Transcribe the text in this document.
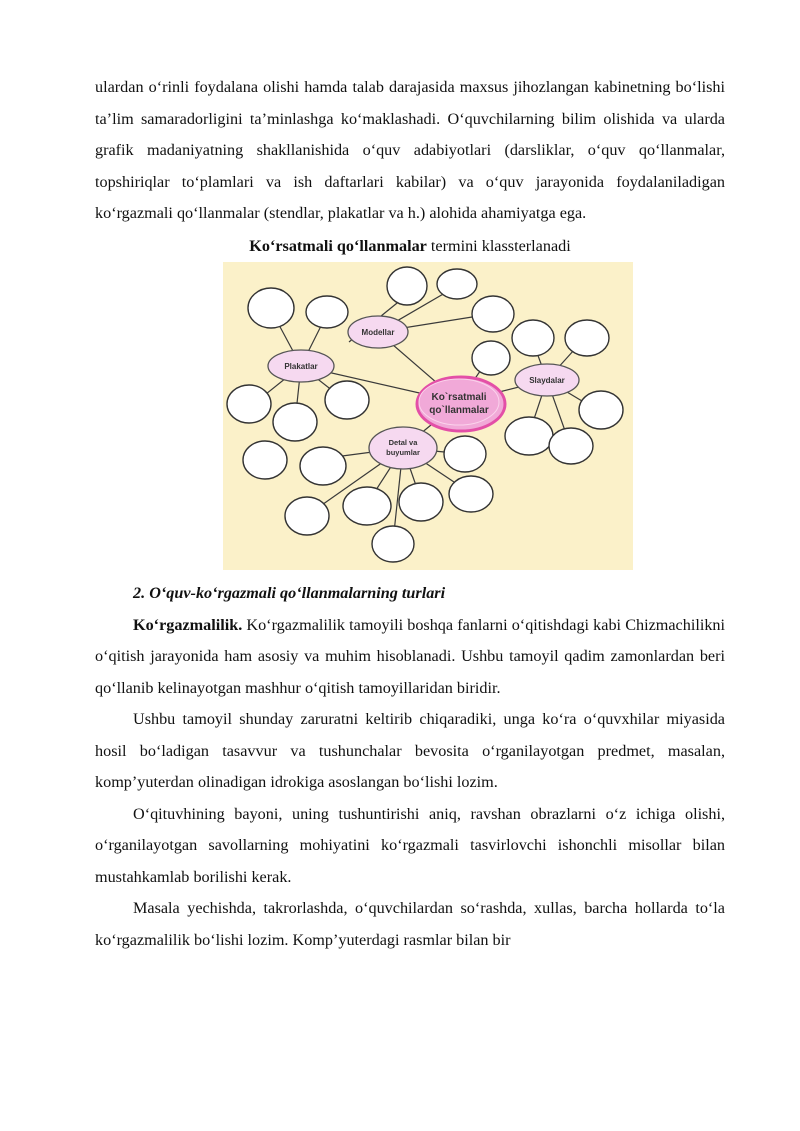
ulardan o‘rinli foydalana olishi hamda talab darajasida maxsus jihozlangan kabinetning bo‘lishi ta’lim samaradorligini ta’minlashga ko‘maklashadi. O‘quvchilarning bilim olishida va ularda grafik madaniyatning shakllanishida o‘quv adabiyotlari (darsliklar, o‘quv qo‘llanmalar, topshiriqlar to‘plamlari va ish daftarlari kabilar) va o‘quv jarayonida foydalaniladigan ko‘rgazmali qo‘llanmalar (stendlar, plakatlar va h.) alohida ahamiyatga ega.

Ko‘rsatmali qo‘llanmalar termini klassterlanadi

Modellar
Plakatlar
Slaydalar
Detal va
buyumlar
Ko`rsatmali
qo`llanmalar
2. O‘quv-ko‘rgazmali qo‘llanmalarning turlari

Ko‘rgazmalilik. Ko‘rgazmalilik tamoyili boshqa fanlarni o‘qitishdagi kabi Chizmachilikni o‘qitish jarayonida ham asosiy va muhim hisoblanadi. Ushbu tamoyil qadim zamonlardan beri qo‘llanib kelinayotgan mashhur o‘qitish tamoyillaridan biridir.

Ushbu tamoyil shunday zaruratni keltirib chiqaradiki, unga ko‘ra o‘quvxhilar miyasida hosil bo‘ladigan tasavvur va tushunchalar bevosita o‘rganilayotgan predmet, masalan, komp’yuterdan olinadigan idrokiga asoslangan bo‘lishi lozim.

O‘qituvhining bayoni, uning tushuntirishi aniq, ravshan obrazlarni o‘z ichiga olishi, o‘rganilayotgan savollarning mohiyatini ko‘rgazmali tasvirlovchi ishonchli misollar bilan mustahkamlab borilishi kerak.

Masala yechishda, takrorlashda, o‘quvchilardan so‘rashda, xullas, barcha hollarda to‘la ko‘rgazmalilik bo‘lishi lozim. Komp’yuterdagi rasmlar bilan bir
